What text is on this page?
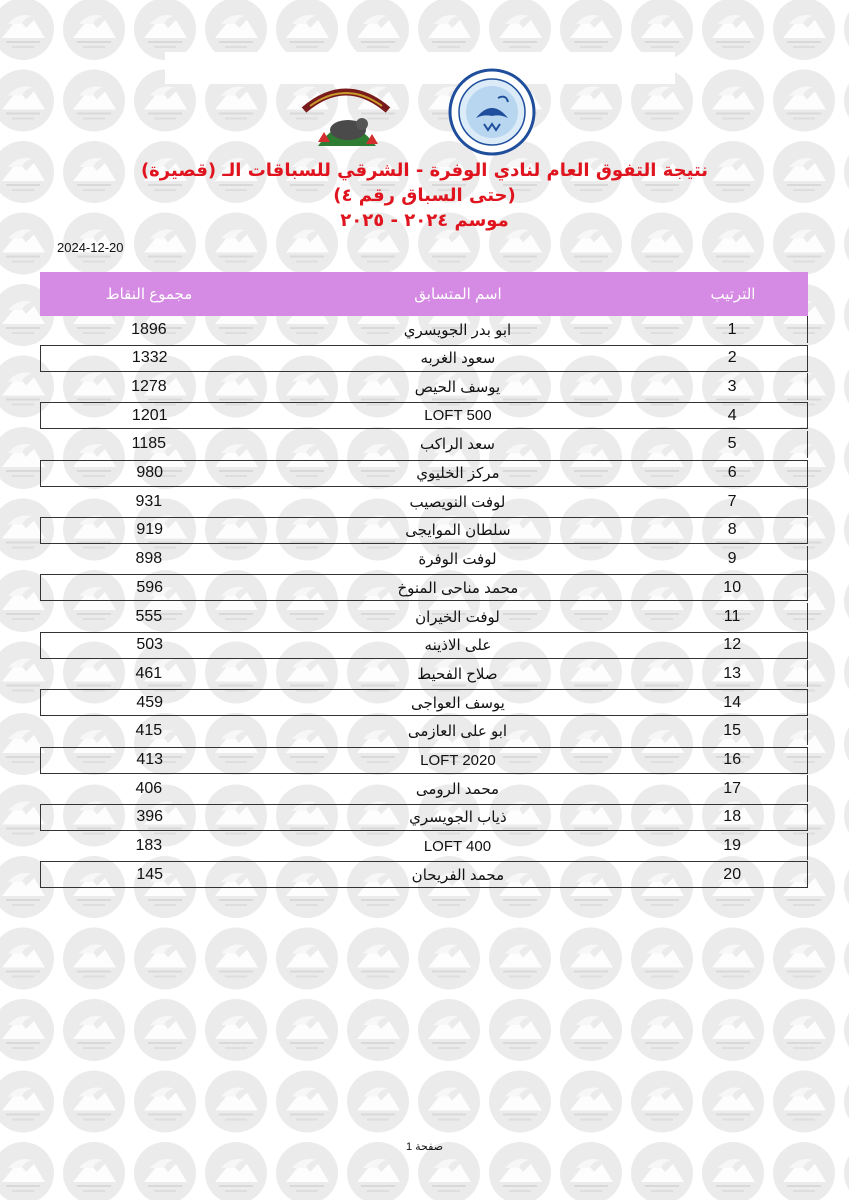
نتيجة التفوق العام لنادي الوفرة - الشرقي للسباقات الـ (قصيرة)
(حتى السباق رقم ٤)
موسم ٢٠٢٤ - ٢٠٢٥
2024-12-20
الترتيب
اسم المتسابق
مجموع النقاط
1
ابو بدر الجويسري
1896
2
سعود الغربه
1332
3
يوسف الحيص
1278
4
LOFT 500
1201
5
سعد الراكب
1185
6
مركز الخليوي
980
7
لوفت النويصيب
931
8
سلطان الموايجى
919
9
لوفت الوفرة
898
10
محمد مناحى المنوخ
596
11
لوفت الخيران
555
12
على الاذينه
503
13
صلاح الفحيط
461
14
يوسف العواجى
459
15
ابو على العازمى
415
16
LOFT 2020
413
17
محمد الرومى
406
18
ذياب الجويسري
396
19
LOFT 400
183
20
محمد الفريحان
145
صفحة 1
